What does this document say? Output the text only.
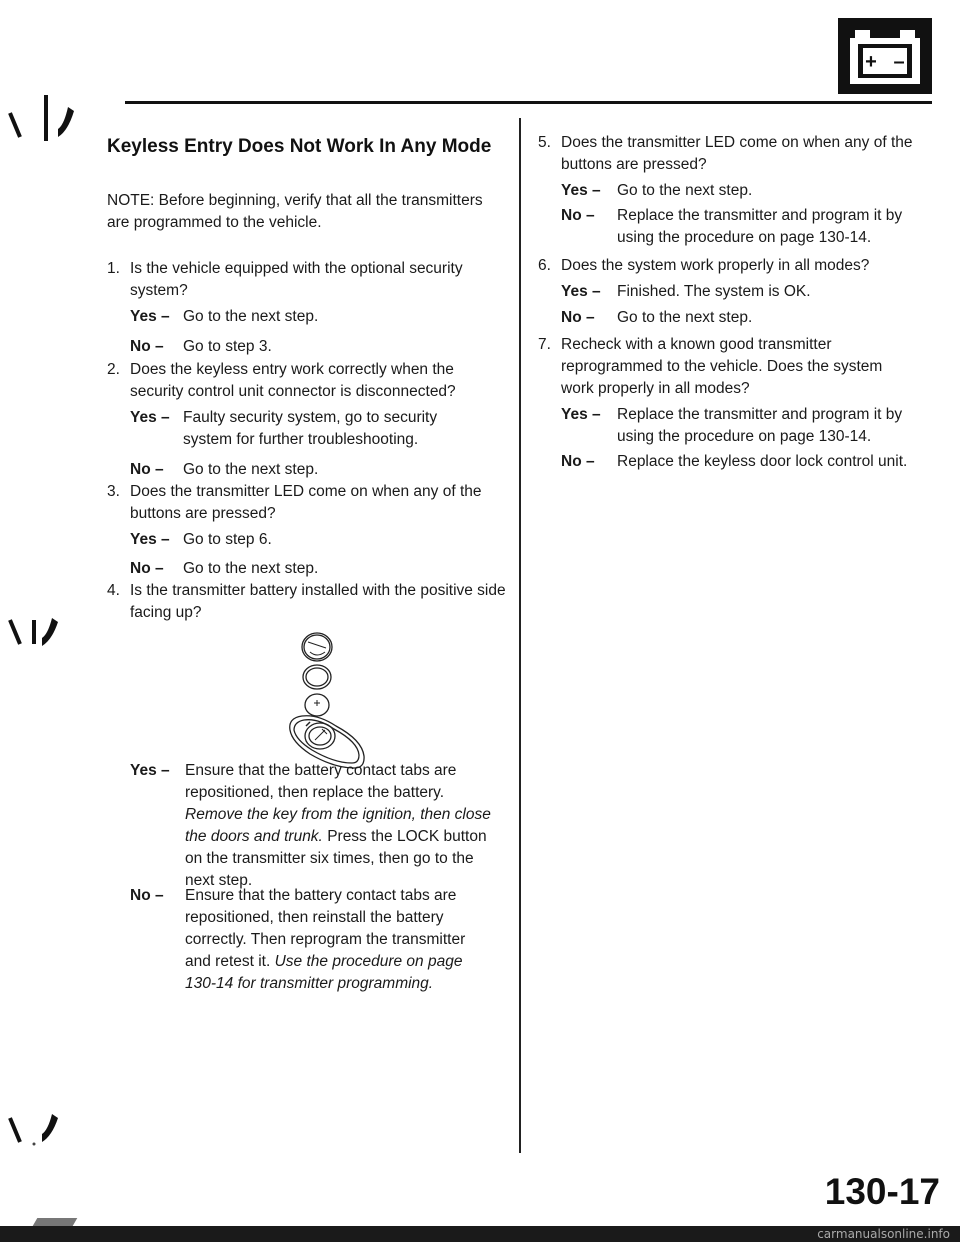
+ –
Keyless Entry Does Not Work In Any Mode
NOTE: Before beginning, verify that all the transmitters are programmed to the vehicle.
1. Is the vehicle equipped with the optional security system?
Yes – Go to the next step.
No – Go to step 3.
2. Does the keyless entry work correctly when the security control unit connector is disconnected?
Yes – Faulty security system, go to security system for further troubleshooting.
No – Go to the next step.
3. Does the transmitter LED come on when any of the buttons are pressed?
Yes – Go to step 6.
No – Go to the next step.
4. Is the transmitter battery installed with the positive side facing up?
Yes – Ensure that the battery contact tabs are repositioned, then replace the battery. Remove the key from the ignition, then close the doors and trunk. Press the LOCK button on the transmitter six times, then go to the next step.
No – Ensure that the battery contact tabs are repositioned, then reinstall the battery correctly. Then reprogram the transmitter and retest it. Use the procedure on page 130-14 for transmitter programming.
5. Does the transmitter LED come on when any of the buttons are pressed?
Yes – Go to the next step.
No – Replace the transmitter and program it by using the procedure on page 130-14.
6. Does the system work properly in all modes?
Yes – Finished. The system is OK.
No – Go to the next step.
7. Recheck with a known good transmitter reprogrammed to the vehicle. Does the system work properly in all modes?
Yes – Replace the transmitter and program it by using the procedure on page 130-14.
No – Replace the keyless door lock control unit.
130-17
carmanualsonline.info
